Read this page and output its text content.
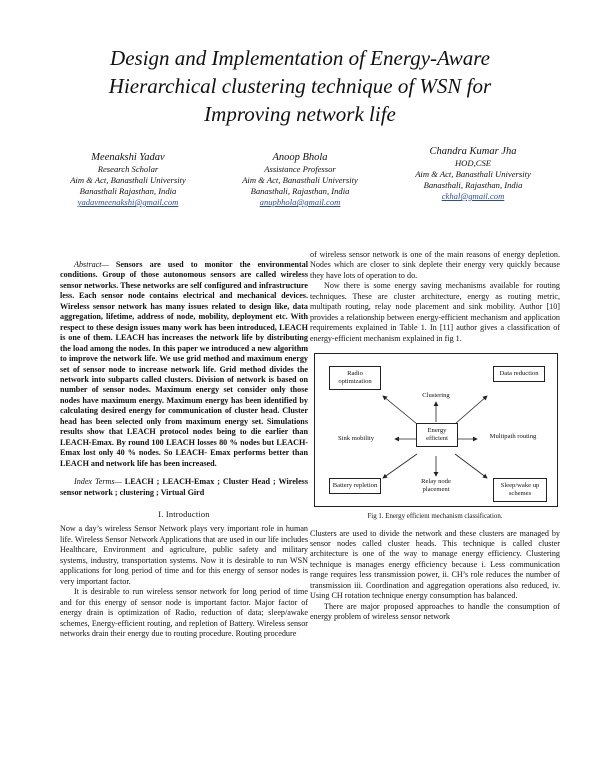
Design and Implementation of Energy-Aware
Hierarchical clustering technique of WSN for
Improving network life
Meenakshi Yadav
Research Scholar
Aim & Act, Banasthali University
Banasthali Rajasthan, India
yadavmeenakshi@gmail.com
Anoop Bhola
Assistance Professor
Aim & Act, Banasthali University
Banasthali, Rajasthan, India
anupbhola@gmail.com
Chandra Kumar Jha
HOD,CSE
Aim & Act, Banasthali University
Banasthali, Rajasthan, India
ckhal@gmail.com

Abstract— Sensors are used to monitor the environmental conditions. Group of those autonomous sensors are called wireless sensor networks. These networks are self configured and infrastructure less. Each sensor node contains electrical and mechanical devices. Wireless sensor network has many issues related to design like, data aggregation, lifetime, address of node, mobility, deployment etc. With respect to these design issues many work has been introduced, LEACH is one of them. LEACH has increases the network life by distributing the load among the nodes. In this paper we introduced a new algorithm to improve the network life. We use grid method and maximum energy set of sensor node to increase network life. Grid method divides the network into subparts called clusters. Division of network is based on number of sensor nodes. Maximum energy set consider only those nodes have maximum energy. Maximum energy has been identified by calculating desired energy for communication of cluster head. Cluster head has been selected only from maximum energy set. Simulations results show that LEACH protocol nodes being to die earlier than LEACH-Emax. By round 100 LEACH losses 80 % nodes but LEACH-Emax lost only 40 % nodes. So LEACH- Emax performs better than LEACH and network life has been increased.

Index Terms— LEACH ; LEACH-Emax ; Cluster Head ; Wireless sensor network ; clustering ; Virtual Gird

I. Introduction

Now a day’s wireless Sensor Network plays very important role in human life. Wireless Sensor Network Applications that are used in our life includes Healthcare, Environment and agriculture, public safety and military systems, industry, transportation systems. Now it is desirable to run WSN applications for long period of time and for this energy of sensor nodes is very important factor.

It is desirable to run wireless sensor network for long period of time and for this energy of sensor node is important factor. Major factor of energy drain is optimization of Radio, reduction of data; sleep/awake schemes, Energy-efficient routing, and repletion of Battery. Wireless sensor networks drain their energy due to routing procedure. Routing procedure

of wireless sensor network is one of the main reasons of energy depletion. Nodes which are closer to sink deplete their energy very quickly because they have lots of operation to do.

Now there is some energy saving mechanisms available for routing techniques. These are cluster architecture, energy as routing metric, multipath routing, relay node placement and sink mobility. Author [10] provides a relationship between energy-efficient mechanism and application requirements explained in Table 1. In [11] author gives a classification of energy-efficient mechanism explained in fig 1.

Radio optimization
Clustering
Data reduction
Sink mobility
Energy efficient	Multipath routing
Battery repletion
Relay node placement
Sleep/wake up schemes
Fig 1. Energy efficient mechanism classification.

Clusters are used to divide the network and these clusters are managed by sensor nodes called cluster heads. This technique is called cluster architecture is one of the way to manage energy efficiency. Clustering technique is manages energy efficiency because i. Less communication range requires less transmission power, ii. CH’s role reduces the number of transmission iii. Coordination and aggregation operations also reduced, iv. Using CH rotation technique energy consumption has balanced.

There are major proposed approaches to handle the consumption of energy problem of wireless sensor network
